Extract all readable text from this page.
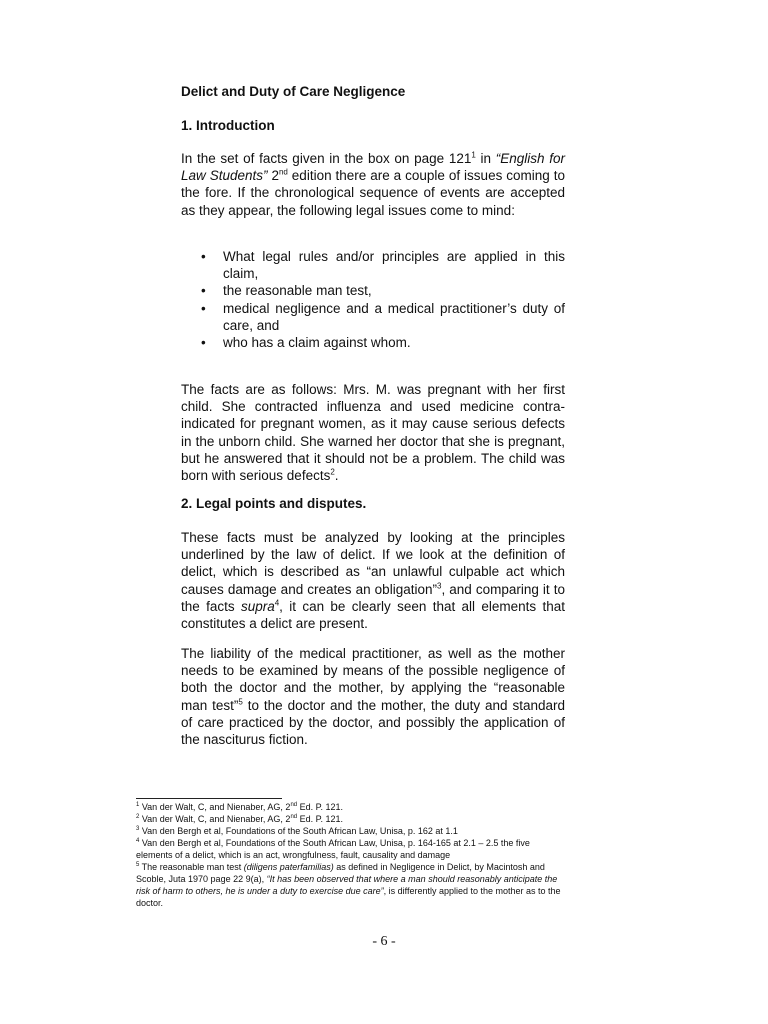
Delict and Duty of Care Negligence
1. Introduction

In the set of facts given in the box on page $121^1$ in “English for Law Students” 2nd edition there are a couple of issues coming to the fore. If the chronological sequence of events are accepted as they appear, the following legal issues come to mind:

• What legal rules and/or principles are applied in this claim,
• the reasonable man test,
• medical negligence and a medical practitioner’s duty of care, and
• who has a claim against whom.

The facts are as follows: Mrs. M. was pregnant with her first child. She contracted influenza and used medicine contra-indicated for pregnant women, as it may cause serious defects in the unborn child. She warned her doctor that she is pregnant, but he answered that it should not be a problem. The child was born with serious defects$^2$.

2. Legal points and disputes.

These facts must be analyzed by looking at the principles underlined by the law of delict. If we look at the definition of delict, which is described as “an unlawful culpable act which causes damage and creates an obligation”$^3$, and comparing it to the facts supra$^4$, it can be clearly seen that all elements that constitutes a delict are present.

The liability of the medical practitioner, as well as the mother needs to be examined by means of the possible negligence of both the doctor and the mother, by applying the “reasonable man test”$^5$ to the doctor and the mother, the duty and standard of care practiced by the doctor, and possibly the application of the nasciturus fiction.

$^1$ Van der Walt, C, and Nienaber, AG, 2nd Ed. P. 121.

$^2$ Van der Walt, C, and Nienaber, AG, 2nd Ed. P. 121.

$^3$ Van den Bergh et al, Foundations of the South African Law, Unisa, p. 162 at 1.1

$^4$ Van den Bergh et al, Foundations of the South African Law, Unisa, p. 164-165 at 2.1 – 2.5 the five elements of a delict, which is an act, wrongfulness, fault, causality and damage

$^5$ The reasonable man test (diligens paterfamilias) as defined in Negligence in Delict, by Macintosh and Scoble, Juta 1970 page 22 9(a), “It has been observed that where a man should reasonably anticipate the risk of harm to others, he is under a duty to exercise due care”, is differently applied to the mother as to the doctor.

- 6 -
